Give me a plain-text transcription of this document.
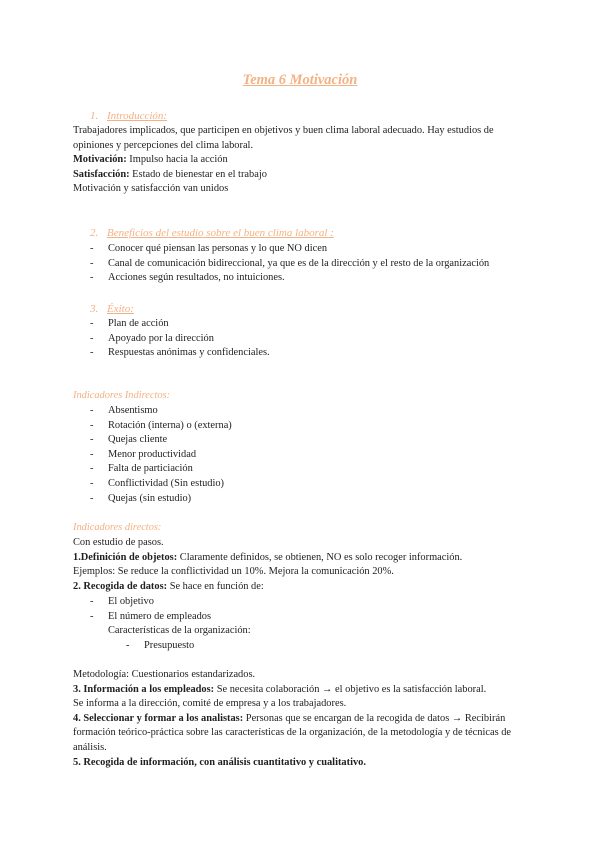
Tema 6 Motivación
1. Introducción:

Trabajadores implicados, que participen en objetivos y buen clima laboral adecuado. Hay estudios de opiniones y percepciones del clima laboral.

Motivación: Impulso hacia la acción

Satisfacción: Estado de bienestar en el trabajo

Motivación y satisfacción van unidos

2. Beneficios del estudio sobre el buen clima laboral :
- Conocer qué piensan las personas y lo que NO dicen
- Canal de comunicación bidireccional, ya que es de la dirección y el resto de la organización
- Acciones según resultados, no intuiciones.
3. Éxito:
- Plan de acción
- Apoyado por la dirección
- Respuestas anónimas y confidenciales.
Indicadores Indirectos:
- Absentismo
- Rotación (interna) o (externa)
- Quejas cliente
- Menor productividad
- Falta de particiación
- Conflictividad (Sin estudio)
- Quejas (sin estudio)
Indicadores directos:

Con estudio de pasos.

1.Definición de objetos: Claramente definidos, se obtienen, NO es solo recoger información.

Ejemplos: Se reduce la conflictividad un 10%. Mejora la comunicación 20%.

2. Recogida de datos: Se hace en función de:

- El objetivo
- El número de empleados
Características de la organización:
- Presupuesto

Metodología: Cuestionarios estandarizados.

3. Información a los empleados: Se necesita colaboración → el objetivo es la satisfacción laboral.

Se informa a la dirección, comité de empresa y a los trabajadores.

4. Seleccionar y formar a los analistas: Personas que se encargan de la recogida de datos → Recibirán formación teórico-práctica sobre las características de la organización, de la metodología y de técnicas de análisis.

5. Recogida de información, con análisis cuantitativo y cualitativo.
